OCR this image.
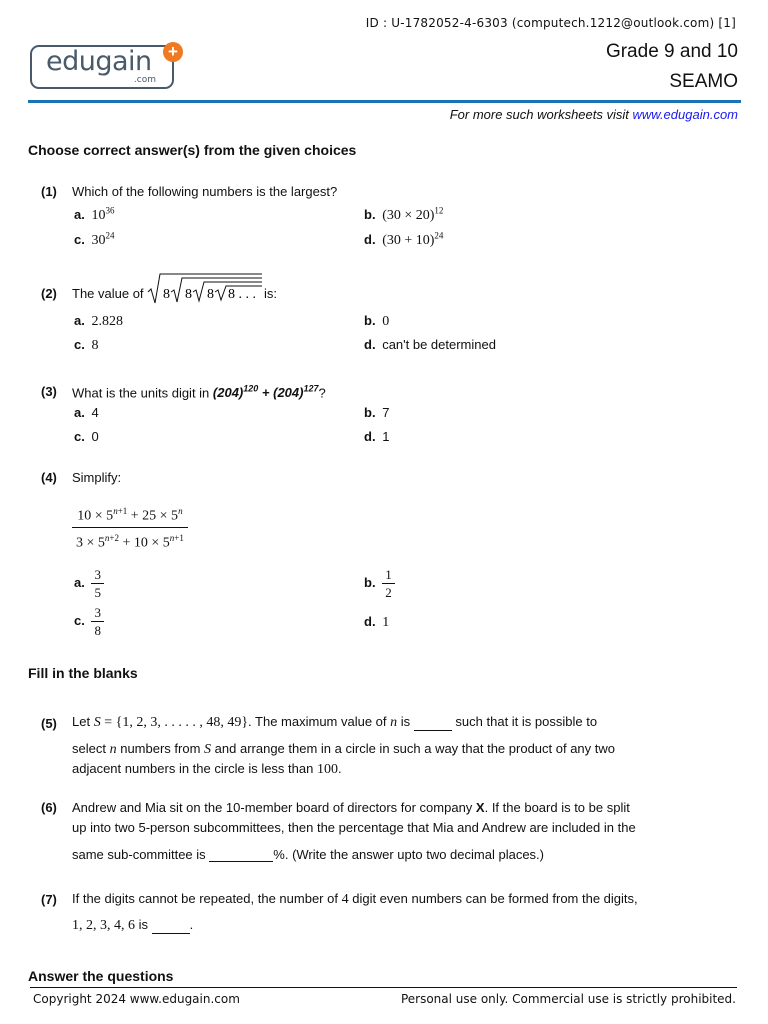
ID : U-1782052-4-6303 (computech.1212@outlook.com) [1]
edugain
.com
+	Grade 9 and 10
SEAMO
For more such worksheets visit www.edugain.com
Choose correct answer(s) from the given choices
(1) Which of the following numbers is the largest?
a. $10^{36}$	b. $(30 \times 20)^{12}$
c. $30^{24}$	d. $(30 + 10)^{24}$
(2) The value of 8 8 8 8 . . . is:
a. 2.828	b. 0
c. 8	d. can't be determined
(3) What is the units digit in $(204)^{120} + (204)^{127}$?
a. 4	b. 7
c. 0	d. 1
(4) Simplify:
$\frac{10 \times 5^{n+1} + 25 \times 5^n}{3 \times 5^{n+2} + 10 \times 5^{n+1}}$
a. $\frac{3}{5}$	b. $\frac{1}{2}$
c. $\frac{3}{8}$	d. 1
Fill in the blanks
(5) Let S = {1, 2, 3, . . . . . , 48, 49}. The maximum value of n is	such that it is possible to
select n numbers from S and arrange them in a circle in such a way that the product of any two
adjacent numbers in the circle is less than 100.
(6) Andrew and Mia sit on the 10-member board of directors for company X. If the board is to be split
up into two 5-person subcommittees, then the percentage that Mia and Andrew are included in the
same sub-committee is	%. (Write the answer upto two decimal places.)
(7) If the digits cannot be repeated, the number of 4 digit even numbers can be formed from the digits,
1, 2, 3, 4, 6 is	.
Answer the questions
Copyright 2024 www.edugain.com	Personal use only. Commercial use is strictly prohibited.
